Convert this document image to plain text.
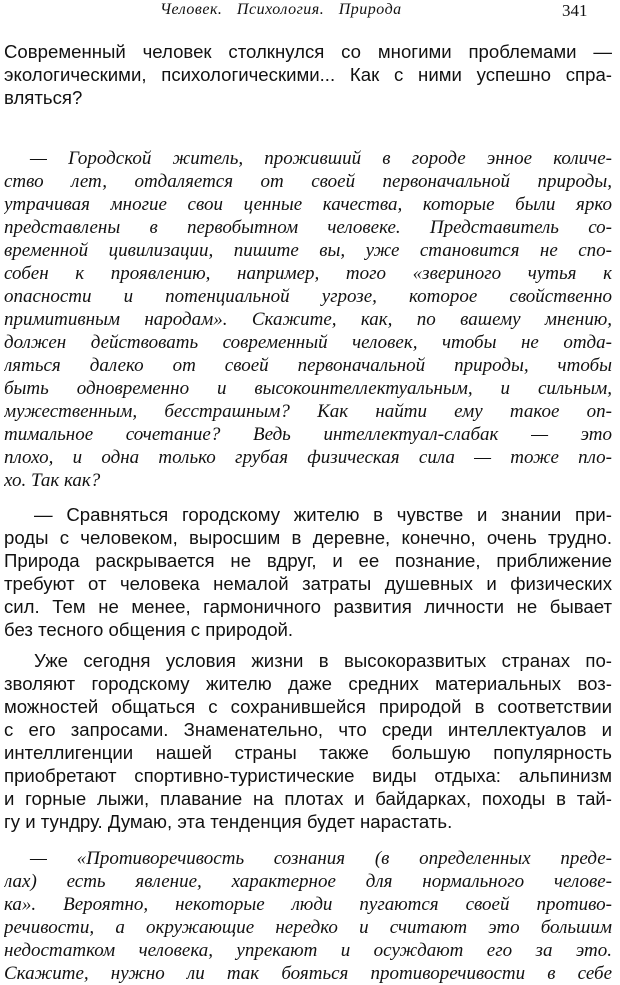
Человек. Психология. Природа	341
Современный человек столкнулся со многими проблемами —
экологическими, психологическими... Как с ними успешно спра-
вляться?
— Городской житель, проживший в городе энное количе-
ство лет, отдаляется от своей первоначальной природы,
утрачивая многие свои ценные качества, которые были ярко
представлены в первобытном человеке. Представитель со-
временной цивилизации, пишите вы, уже становится не спо-
собен к проявлению, например, того «звериного чутья к
опасности и потенциальной угрозе, которое свойственно
примитивным народам». Скажите, как, по вашему мнению,
должен действовать современный человек, чтобы не отда-
ляться далеко от своей первоначальной природы, чтобы
быть одновременно и высокоинтеллектуальным, и сильным,
мужественным, бесстрашным? Как найти ему такое оп-
тимальное сочетание? Ведь интеллектуал-слабак — это
плохо, и одна только грубая физическая сила — тоже пло-
хо. Так как?
— Сравняться городскому жителю в чувстве и знании при-
роды с человеком, выросшим в деревне, конечно, очень трудно.
Природа раскрывается не вдруг, и ее познание, приближение
требуют от человека немалой затраты душевных и физических
сил. Тем не менее, гармоничного развития личности не бывает
без тесного общения с природой.
Уже сегодня условия жизни в высокоразвитых странах по-
зволяют городскому жителю даже средних материальных воз-
можностей общаться с сохранившейся природой в соответствии
с его запросами. Знаменательно, что среди интеллектуалов и
интеллигенции нашей страны также большую популярность
приобретают спортивно-туристические виды отдыха: альпинизм
и горные лыжи, плавание на плотах и байдарках, походы в тай-
гу и тундру. Думаю, эта тенденция будет нарастать.
— «Противоречивость сознания (в определенных преде-
лах) есть явление, характерное для нормального челове-
ка». Вероятно, некоторые люди пугаются своей противо-
речивости, а окружающие нередко и считают это большим
недостатком человека, упрекают и осуждают его за это.
Скажите, нужно ли так бояться противоречивости в себе
